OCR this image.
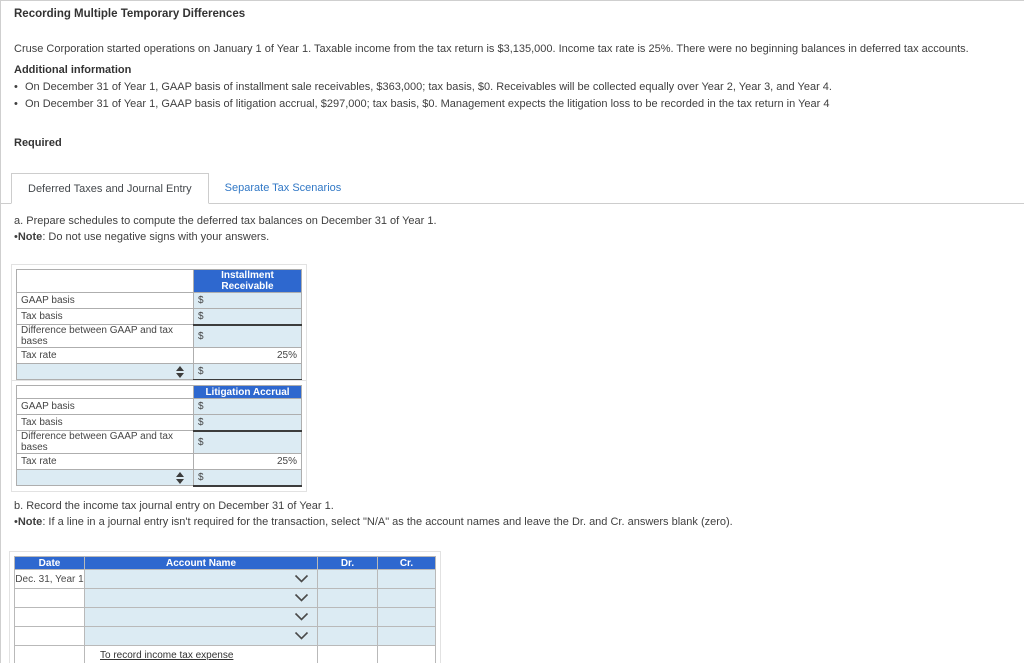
Recording Multiple Temporary Differences
Cruse Corporation started operations on January 1 of Year 1. Taxable income from the tax return is $3,135,000. Income tax rate is 25%. There were no beginning balances in deferred tax accounts.
Additional information
• On December 31 of Year 1, GAAP basis of installment sale receivables, $363,000; tax basis, $0. Receivables will be collected equally over Year 2, Year 3, and Year 4.
• On December 31 of Year 1, GAAP basis of litigation accrual, $297,000; tax basis, $0. Management expects the litigation loss to be recorded in the tax return in Year 4
Required
Deferred Taxes and Journal Entry	Separate Tax Scenarios
a. Prepare schedules to compute the deferred tax balances on December 31 of Year 1.
•Note: Do not use negative signs with your answers.
	Installment Receivable
GAAP basis	$
Tax basis	$
Difference between GAAP and tax bases	$
Tax rate	25%

	$
	Litigation Accrual
GAAP basis	$
Tax basis	$
Difference between GAAP and tax bases	$
Tax rate	25%

	$
b. Record the income tax journal entry on December 31 of Year 1.
•Note: If a line in a journal entry isn't required for the transaction, select "N/A" as the account names and leave the Dr. and Cr. answers blank (zero).
Date	Account Name	Dr.	Cr.
Dec. 31, Year 1			

	To record income tax expense		
